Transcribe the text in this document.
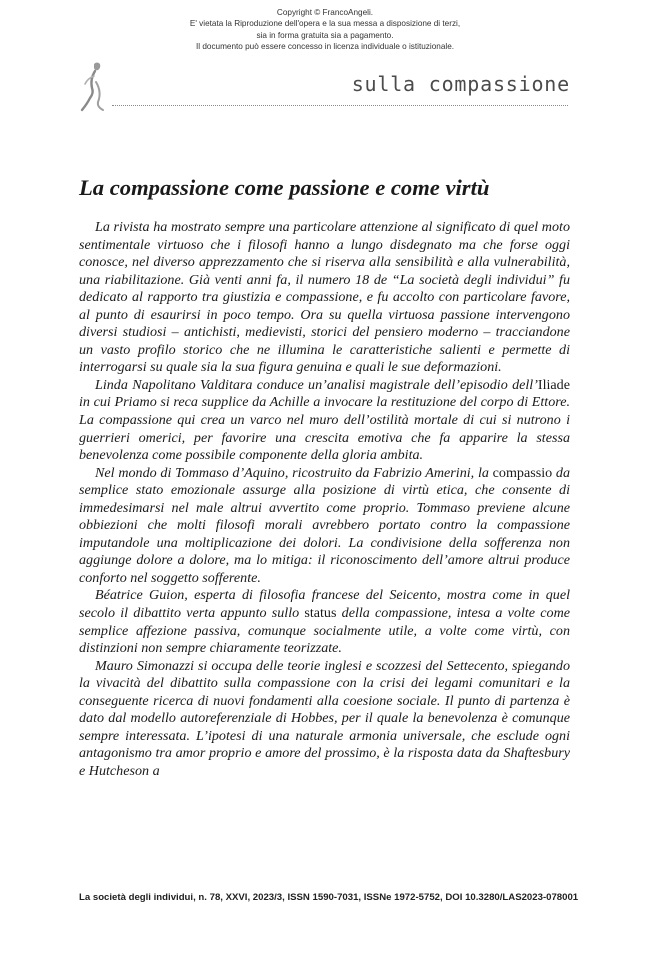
Copyright © FrancoAngeli.
E' vietata la Riproduzione dell'opera e la sua messa a disposizione di terzi,
sia in forma gratuita sia a pagamento.
Il documento può essere concesso in licenza individuale o istituzionale.
sulla compassione
La compassione come passione e come virtù

La rivista ha mostrato sempre una particolare attenzione al significato di quel moto sentimentale virtuoso che i filosofi hanno a lungo disdegnato ma che forse oggi conosce, nel diverso apprezzamento che si riserva alla sensibilità e alla vulnerabilità, una riabilitazione. Già venti anni fa, il numero 18 de “La società degli individui” fu dedicato al rapporto tra giustizia e compassione, e fu accolto con particolare favore, al punto di esaurirsi in poco tempo. Ora su quella virtuosa passione intervengono diversi studiosi – antichisti, medievisti, storici del pensiero moderno – tracciandone un vasto profilo storico che ne illumina le caratteristiche salienti e permette di interrogarsi su quale sia la sua figura genuina e quali le sue deformazioni.

Linda Napolitano Valditara conduce un’analisi magistrale dell’episodio dell’Iliade in cui Priamo si reca supplice da Achille a invocare la restituzione del corpo di Ettore. La compassione qui crea un varco nel muro dell’ostilità mortale di cui si nutrono i guerrieri omerici, per favorire una crescita emotiva che fa apparire la stessa benevolenza come possibile componente della gloria ambita.

Nel mondo di Tommaso d’Aquino, ricostruito da Fabrizio Amerini, la compassio da semplice stato emozionale assurge alla posizione di virtù etica, che consente di immedesimarsi nel male altrui avvertito come proprio. Tommaso previene alcune obbiezioni che molti filosofi morali avrebbero portato contro la compassione imputandole una moltiplicazione dei dolori. La condivisione della sofferenza non aggiunge dolore a dolore, ma lo mitiga: il riconoscimento dell’amore altrui produce conforto nel soggetto sofferente.

Béatrice Guion, esperta di filosofia francese del Seicento, mostra come in quel secolo il dibattito verta appunto sullo status della compassione, intesa a volte come semplice affezione passiva, comunque socialmente utile, a volte come virtù, con distinzioni non sempre chiaramente teorizzate.

Mauro Simonazzi si occupa delle teorie inglesi e scozzesi del Settecento, spiegando la vivacità del dibattito sulla compassione con la crisi dei legami comunitari e la conseguente ricerca di nuovi fondamenti alla coesione sociale. Il punto di partenza è dato dal modello autoreferenziale di Hobbes, per il quale la benevolenza è comunque sempre interessata. L’ipotesi di una naturale armonia universale, che esclude ogni antagonismo tra amor proprio e amore del prossimo, è la risposta data da Shaftesbury e Hutcheson a

La società degli individui, n. 78, XXVI, 2023/3, ISSN 1590-7031, ISSNe 1972-5752, DOI 10.3280/LAS2023-078001
